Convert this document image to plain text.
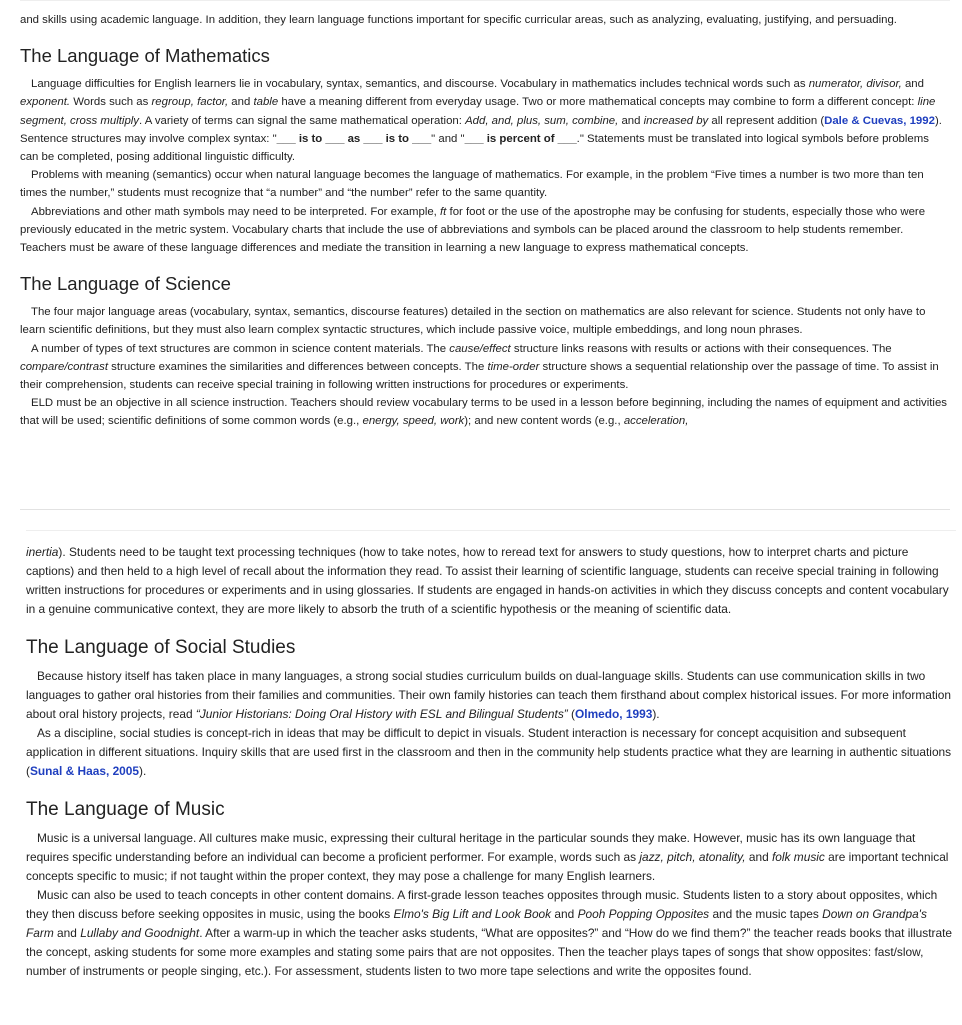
and skills using academic language. In addition, they learn language functions important for specific curricular areas, such as analyzing, evaluating, justifying, and persuading.

The Language of Mathematics

Language difficulties for English learners lie in vocabulary, syntax, semantics, and discourse. Vocabulary in mathematics includes technical words such as numerator, divisor, and exponent. Words such as regroup, factor, and table have a meaning different from everyday usage. Two or more mathematical concepts may combine to form a different concept: line segment, cross multiply. A variety of terms can signal the same mathematical operation: Add, and, plus, sum, combine, and increased by all represent addition (Dale & Cuevas, 1992). Sentence structures may involve complex syntax: "___ is to ___ as ___ is to ___" and "___ is percent of ___." Statements must be translated into logical symbols before problems can be completed, posing additional linguistic difficulty.

Problems with meaning (semantics) occur when natural language becomes the language of mathematics. For example, in the problem “Five times a number is two more than ten times the number,” students must recognize that “a number” and “the number” refer to the same quantity.

Abbreviations and other math symbols may need to be interpreted. For example, ft for foot or the use of the apostrophe may be confusing for students, especially those who were previously educated in the metric system. Vocabulary charts that include the use of abbreviations and symbols can be placed around the classroom to help students remember. Teachers must be aware of these language differences and mediate the transition in learning a new language to express mathematical concepts.

The Language of Science

The four major language areas (vocabulary, syntax, semantics, discourse features) detailed in the section on mathematics are also relevant for science. Students not only have to learn scientific definitions, but they must also learn complex syntactic structures, which include passive voice, multiple embeddings, and long noun phrases.

A number of types of text structures are common in science content materials. The cause/effect structure links reasons with results or actions with their consequences. The compare/contrast structure examines the similarities and differences between concepts. The time-order structure shows a sequential relationship over the passage of time. To assist in their comprehension, students can receive special training in following written instructions for procedures or experiments.

ELD must be an objective in all science instruction. Teachers should review vocabulary terms to be used in a lesson before beginning, including the names of equipment and activities that will be used; scientific definitions of some common words (e.g., energy, speed, work); and new content words (e.g., acceleration,

inertia). Students need to be taught text processing techniques (how to take notes, how to reread text for answers to study questions, how to interpret charts and picture captions) and then held to a high level of recall about the information they read. To assist their learning of scientific language, students can receive special training in following written instructions for procedures or experiments and in using glossaries. If students are engaged in hands-on activities in which they discuss concepts and content vocabulary in a genuine communicative context, they are more likely to absorb the truth of a scientific hypothesis or the meaning of scientific data.

The Language of Social Studies

Because history itself has taken place in many languages, a strong social studies curriculum builds on dual-language skills. Students can use communication skills in two languages to gather oral histories from their families and communities. Their own family histories can teach them firsthand about complex historical issues. For more information about oral history projects, read “Junior Historians: Doing Oral History with ESL and Bilingual Students” (Olmedo, 1993).

As a discipline, social studies is concept-rich in ideas that may be difficult to depict in visuals. Student interaction is necessary for concept acquisition and subsequent application in different situations. Inquiry skills that are used first in the classroom and then in the community help students practice what they are learning in authentic situations (Sunal & Haas, 2005).

The Language of Music

Music is a universal language. All cultures make music, expressing their cultural heritage in the particular sounds they make. However, music has its own language that requires specific understanding before an individual can become a proficient performer. For example, words such as jazz, pitch, atonality, and folk music are important technical concepts specific to music; if not taught within the proper context, they may pose a challenge for many English learners.

Music can also be used to teach concepts in other content domains. A first-grade lesson teaches opposites through music. Students listen to a story about opposites, which they then discuss before seeking opposites in music, using the books Elmo's Big Lift and Look Book and Pooh Popping Opposites and the music tapes Down on Grandpa's Farm and Lullaby and Goodnight. After a warm-up in which the teacher asks students, “What are opposites?” and “How do we find them?” the teacher reads books that illustrate the concept, asking students for some more examples and stating some pairs that are not opposites. Then the teacher plays tapes of songs that show opposites: fast/slow, number of instruments or people singing, etc.). For assessment, students listen to two more tape selections and write the opposites found.
